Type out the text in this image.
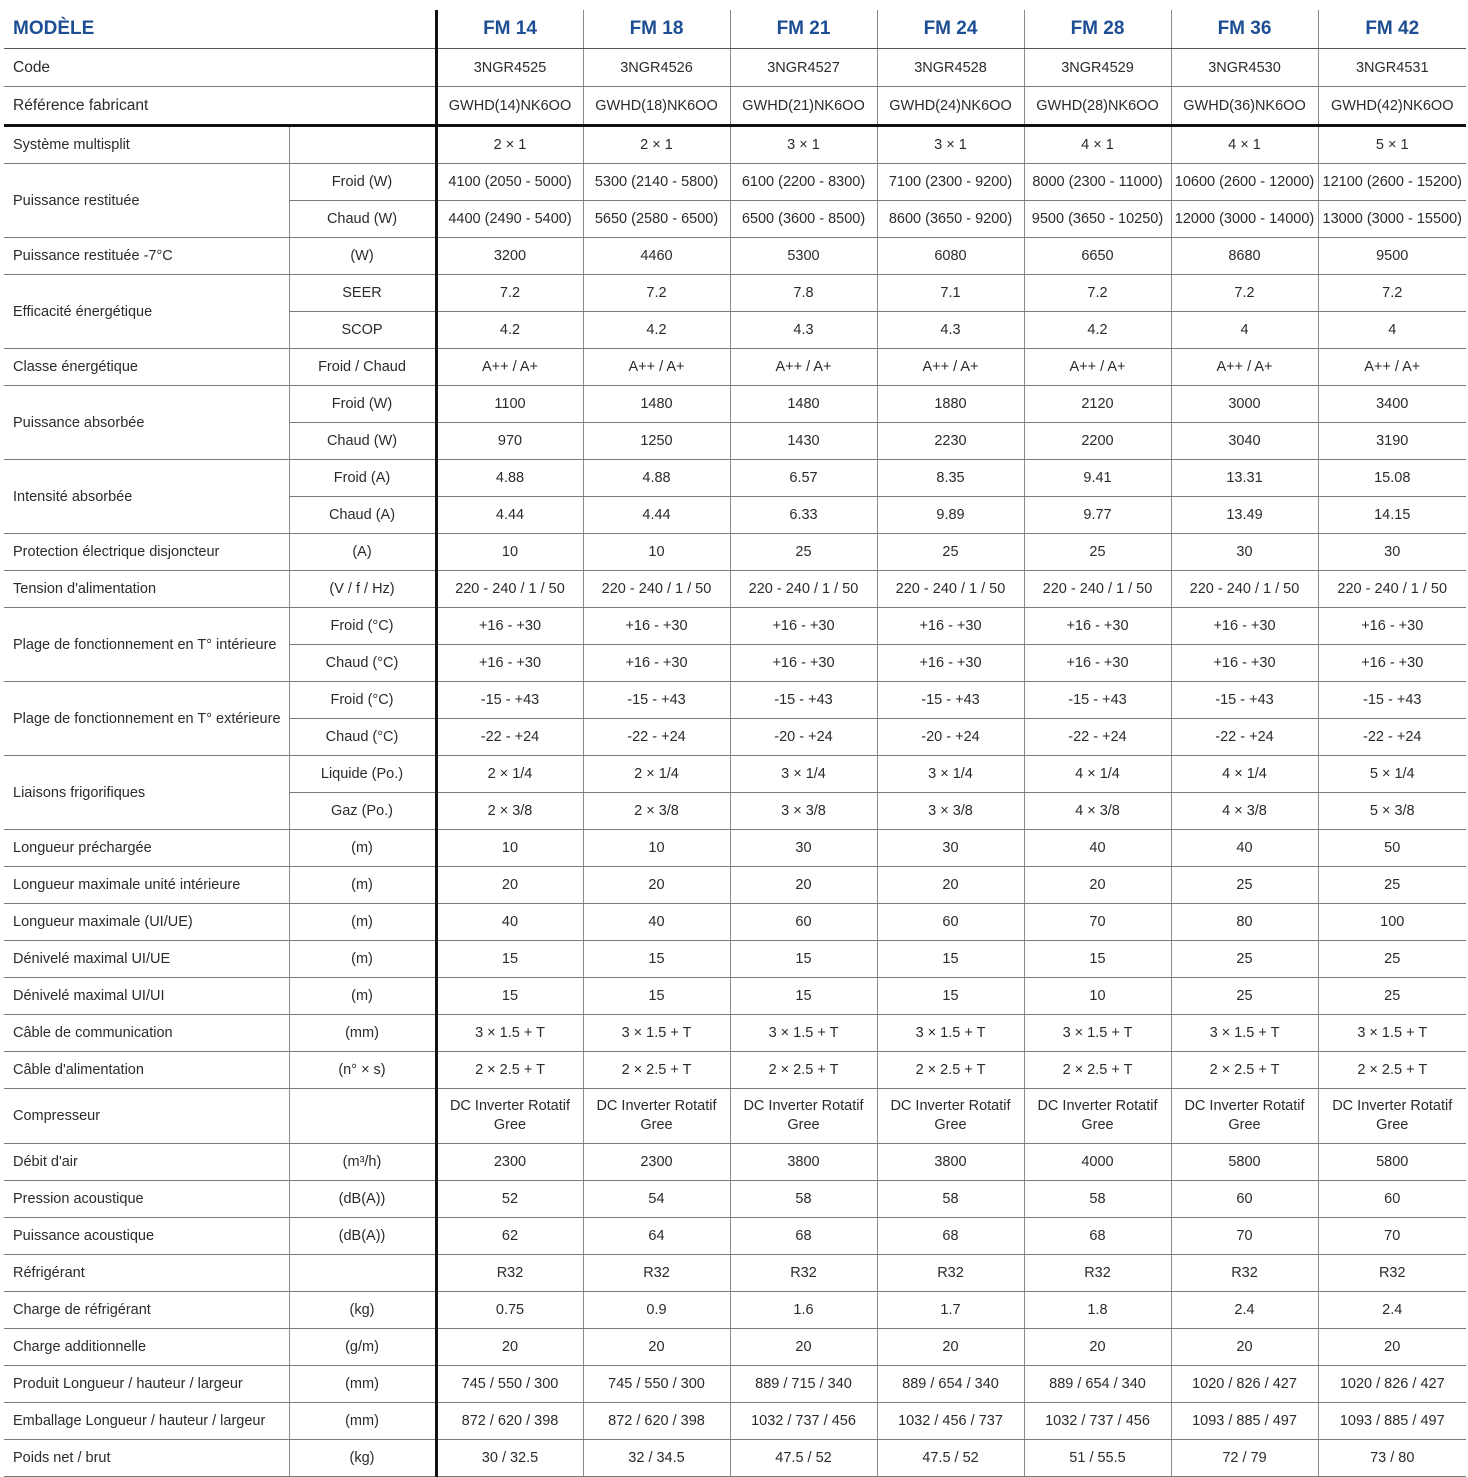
MODÈLE		FM 14	FM 18	FM 21	FM 24	FM 28	FM 36	FM 42
Code		3NGR4525	3NGR4526	3NGR4527	3NGR4528	3NGR4529	3NGR4530	3NGR4531
Référence fabricant		GWHD(14)NK6OO	GWHD(18)NK6OO	GWHD(21)NK6OO	GWHD(24)NK6OO	GWHD(28)NK6OO	GWHD(36)NK6OO	GWHD(42)NK6OO
Système multisplit		2 × 1	2 × 1	3 × 1	3 × 1	4 × 1	4 × 1	5 × 1
Puissance restituée	Froid (W)	4100 (2050 - 5000)	5300 (2140 - 5800)	6100 (2200 - 8300)	7100 (2300 - 9200)	8000 (2300 - 11000)	10600 (2600 - 12000)	12100 (2600 - 15200)
	Chaud (W)	4400 (2490 - 5400)	5650 (2580 - 6500)	6500 (3600 - 8500)	8600 (3650 - 9200)	9500 (3650 - 10250)	12000 (3000 - 14000)	13000 (3000 - 15500)
Puissance restituée -7°C	(W)	3200	4460	5300	6080	6650	8680	9500
Efficacité énergétique	SEER	7.2	7.2	7.8	7.1	7.2	7.2	7.2
	SCOP	4.2	4.2	4.3	4.3	4.2	4	4
Classe énergétique	Froid / Chaud	A++ / A+	A++ / A+	A++ / A+	A++ / A+	A++ / A+	A++ / A+	A++ / A+
Puissance absorbée	Froid (W)	1100	1480	1480	1880	2120	3000	3400
	Chaud (W)	970	1250	1430	2230	2200	3040	3190
Intensité absorbée	Froid (A)	4.88	4.88	6.57	8.35	9.41	13.31	15.08
	Chaud (A)	4.44	4.44	6.33	9.89	9.77	13.49	14.15
Protection électrique disjoncteur	(A)	10	10	25	25	25	30	30
Tension d'alimentation	(V / f / Hz)	220 - 240 / 1 / 50	220 - 240 / 1 / 50	220 - 240 / 1 / 50	220 - 240 / 1 / 50	220 - 240 / 1 / 50	220 - 240 / 1 / 50	220 - 240 / 1 / 50
Plage de fonctionnement en T° intérieure	Froid (°C)	+16 - +30	+16 - +30	+16 - +30	+16 - +30	+16 - +30	+16 - +30	+16 - +30
	Chaud (°C)	+16 - +30	+16 - +30	+16 - +30	+16 - +30	+16 - +30	+16 - +30	+16 - +30
Plage de fonctionnement en T° extérieure	Froid (°C)	-15 - +43	-15 - +43	-15 - +43	-15 - +43	-15 - +43	-15 - +43	-15 - +43
	Chaud (°C)	-22 - +24	-22 - +24	-20 - +24	-20 - +24	-22 - +24	-22 - +24	-22 - +24
Liaisons frigorifiques	Liquide (Po.)	2 × 1/4	2 × 1/4	3 × 1/4	3 × 1/4	4 × 1/4	4 × 1/4	5 × 1/4
	Gaz (Po.)	2 × 3/8	2 × 3/8	3 × 3/8	3 × 3/8	4 × 3/8	4 × 3/8	5 × 3/8
Longueur préchargée	(m)	10	10	30	30	40	40	50
Longueur maximale unité intérieure	(m)	20	20	20	20	20	25	25
Longueur maximale (UI/UE)	(m)	40	40	60	60	70	80	100
Dénivelé maximal UI/UE	(m)	15	15	15	15	15	25	25
Dénivelé maximal UI/UI	(m)	15	15	15	15	10	25	25
Câble de communication	(mm)	3 × 1.5 + T	3 × 1.5 + T	3 × 1.5 + T	3 × 1.5 + T	3 × 1.5 + T	3 × 1.5 + T	3 × 1.5 + T
Câble d'alimentation	(n° × s)	2 × 2.5 + T	2 × 2.5 + T	2 × 2.5 + T	2 × 2.5 + T	2 × 2.5 + T	2 × 2.5 + T	2 × 2.5 + T
Compresseur		DC Inverter Rotatif Gree	DC Inverter Rotatif Gree	DC Inverter Rotatif Gree	DC Inverter Rotatif Gree	DC Inverter Rotatif Gree	DC Inverter Rotatif Gree	DC Inverter Rotatif Gree
Débit d'air	(m³/h)	2300	2300	3800	3800	4000	5800	5800
Pression acoustique	(dB(A))	52	54	58	58	58	60	60
Puissance acoustique	(dB(A))	62	64	68	68	68	70	70
Réfrigérant		R32	R32	R32	R32	R32	R32	R32
Charge de réfrigérant	(kg)	0.75	0.9	1.6	1.7	1.8	2.4	2.4
Charge additionnelle	(g/m)	20	20	20	20	20	20	20
Produit Longueur / hauteur / largeur	(mm)	745 / 550 / 300	745 / 550 / 300	889 / 715 / 340	889 / 654 / 340	889 / 654 / 340	1020 / 826 / 427	1020 / 826 / 427
Emballage Longueur / hauteur / largeur	(mm)	872 / 620 / 398	872 / 620 / 398	1032 / 737 / 456	1032 / 456 / 737	1032 / 737 / 456	1093 / 885 / 497	1093 / 885 / 497
Poids net / brut	(kg)	30 / 32.5	32 / 34.5	47.5 / 52	47.5 / 52	51 / 55.5	72 / 79	73 / 80
